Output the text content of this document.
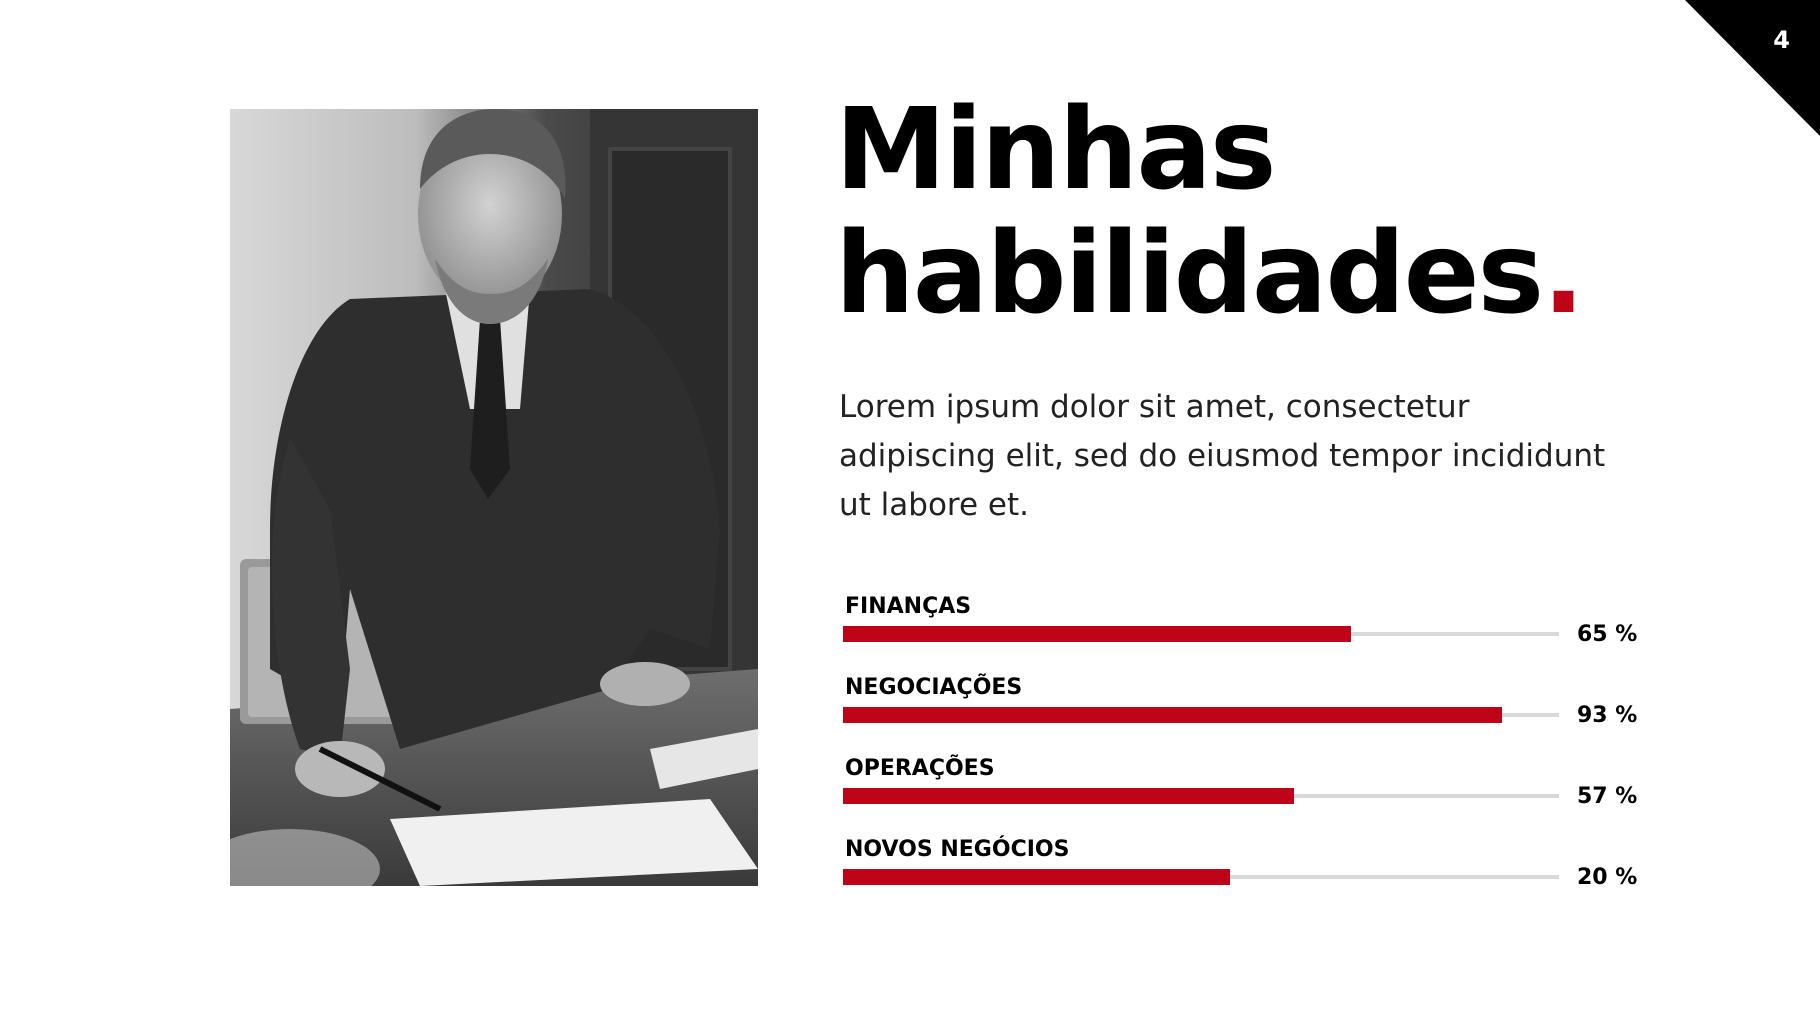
4
Minhas
habilidades.

Lorem ipsum dolor sit amet, consectetur adipiscing elit, sed do eiusmod tempor incididunt ut labore et.

FINANÇAS
65 %
NEGOCIAÇÕES
93 %
OPERAÇÕES
57 %
NOVOS NEGÓCIOS
20 %
